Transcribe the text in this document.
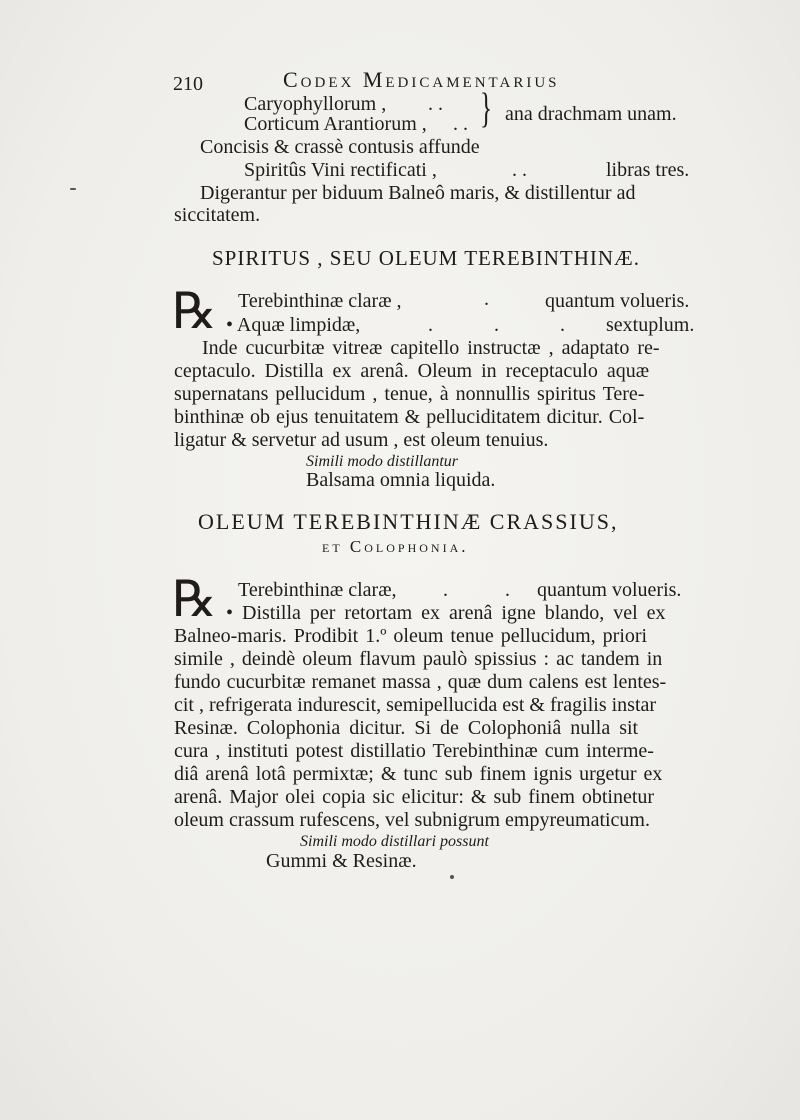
210	Codex Medicamentarius
Caryophyllorum , . .
Corticum Arantiorum , . . } ana drachmam unam.
Concisis & crassè contusis affunde
Spiritûs Vini rectificati ,	. .	libras tres.
Digerantur per biduum Balneô maris, & distillentur ad
siccitatem.
SPIRITUS , SEU OLEUM TEREBINTHINÆ.
℞ Terebinthinæ claræ ,	.	quantum volueris.
• Aquæ limpidæ,	. . . sextuplum.
Inde cucurbitæ vitreæ capitello instructæ , adaptato re-
ceptaculo. Distilla ex arenâ. Oleum in receptaculo aquæ
supernatans pellucidum , tenue, à nonnullis spiritus Tere-
binthinæ ob ejus tenuitatem & pelluciditatem dicitur. Col-
ligatur & servetur ad usum , est oleum tenuius.
Simili modo distillantur
Balsama omnia liquida.
OLEUM TEREBINTHINÆ CRASSIUS,
et Colophonia.
℞ Terebinthinæ claræ, . . quantum volueris.
• Distilla per retortam ex arenâ igne blando, vel ex
Balneo-maris. Prodibit 1.º oleum tenue pellucidum, priori
simile , deindè oleum flavum paulò spissius : ac tandem in
fundo cucurbitæ remanet massa , quæ dum calens est lentes-
cit , refrigerata indurescit, semipellucida est & fragilis instar
Resinæ. Colophonia dicitur. Si de Colophoniâ nulla sit
cura , instituti potest distillatio Terebinthinæ cum interme-
diâ arenâ lotâ permixtæ; & tunc sub finem ignis urgetur ex
arenâ. Major olei copia sic elicitur: & sub finem obtinetur
oleum crassum rufescens, vel subnigrum empyreumaticum.
Simili modo distillari possunt
Gummi & Resinæ.
